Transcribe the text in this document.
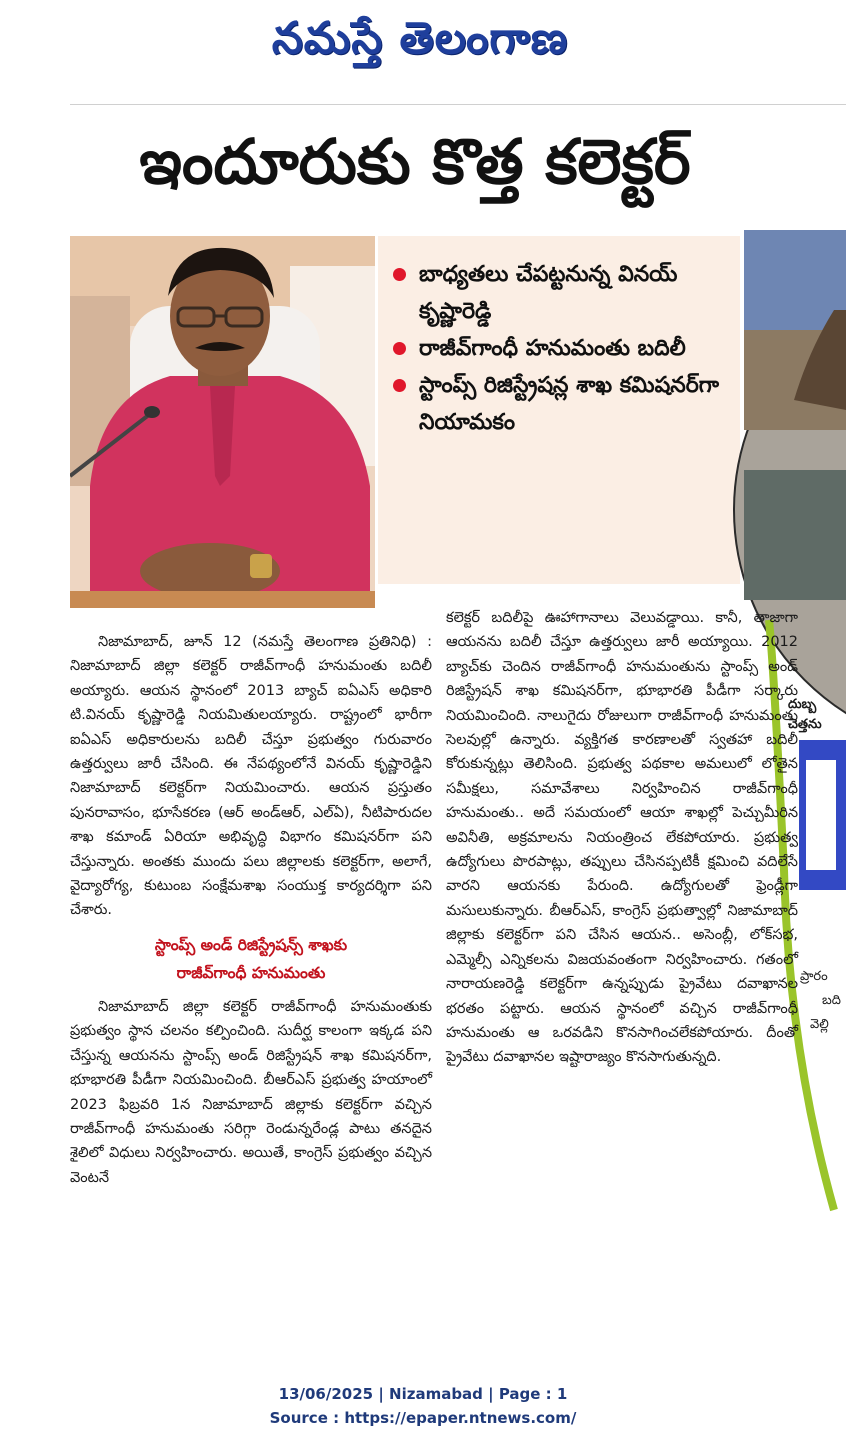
నమస్తే తెలంగాణ
ఇందూరుకు కొత్త కలెక్టర్
బాధ్యతలు చేపట్టనున్న వినయ్ కృష్ణారెడ్డి
రాజీవ్‌గాంధీ హనుమంతు బదిలీ
స్టాంప్స్ రిజిస్ట్రేషన్ల శాఖ కమిషనర్‌గా నియామకం
దుబ్బ
చెత్తను
ప్రారం
బది
వెల్లి

నిజామాబాద్, జూన్ 12 (నమస్తే తెలంగాణ ప్రతినిధి) : నిజామాబాద్ జిల్లా కలెక్టర్ రాజీవ్‌గాంధీ హనుమంతు బదిలీ అయ్యారు. ఆయన స్థానంలో 2013 బ్యాచ్ ఐఏఎస్ అధికారి టి.వినయ్ కృష్ణారెడ్డి నియమితులయ్యారు. రాష్ట్రంలో భారీగా ఐఏఎస్ అధికారులను బదిలీ చేస్తూ ప్రభుత్వం గురువారం ఉత్తర్వులు జారీ చేసింది. ఈ నేపథ్యంలోనే వినయ్ కృష్ణారెడ్డిని నిజామాబాద్ కలెక్టర్‌గా నియమించారు. ఆయన ప్రస్తుతం పునరావాసం, భూసేకరణ (ఆర్ అండ్ఆర్, ఎల్ఏ), నీటిపారుదల శాఖ కమాండ్ ఏరియా అభివృద్ధి విభాగం కమిషనర్‌గా పని చేస్తున్నారు. అంతకు ముందు పలు జిల్లాలకు కలెక్టర్‌గా, అలాగే, వైద్యారోగ్య, కుటుంబ సంక్షేమశాఖ సంయుక్త కార్యదర్శిగా పని చేశారు.

స్టాంప్స్ అండ్ రిజిస్ట్రేషన్స్ శాఖకు
రాజీవ్‌గాంధీ హనుమంతు

నిజామాబాద్ జిల్లా కలెక్టర్ రాజీవ్‌గాంధీ హనుమంతుకు ప్రభుత్వం స్థాన చలనం కల్పించింది. సుదీర్ఘ కాలంగా ఇక్కడ పని చేస్తున్న ఆయనను స్టాంప్స్ అండ్ రిజిస్ట్రేషన్ శాఖ కమిషనర్‌గా, భూభారతి పీడీగా నియమించింది. బీఆర్ఎస్ ప్రభుత్వ హయాంలో 2023 ఫిబ్రవరి 1న నిజామాబాద్ జిల్లాకు కలెక్టర్‌గా వచ్చిన రాజీవ్‌గాంధీ హనుమంతు సరిగ్గా రెండున్నరేండ్ల పాటు తనదైన శైలిలో విధులు నిర్వహించారు. అయితే, కాంగ్రెస్ ప్రభుత్వం వచ్చిన వెంటనే

కలెక్టర్ బదిలీపై ఊహాగానాలు వెలువడ్డాయి. కానీ, తాజాగా ఆయనను బదిలీ చేస్తూ ఉత్తర్వులు జారీ అయ్యాయి. 2012 బ్యాచ్‌కు చెందిన రాజీవ్‌గాంధీ హనుమంతును స్టాంప్స్ అండ్ రిజిస్ట్రేషన్ శాఖ కమిషనర్‌గా, భూభారతి పీడీగా సర్కారు నియమించింది. నాలుగైదు రోజులుగా రాజీవ్‌గాంధీ హనుమంతు సెలవుల్లో ఉన్నారు. వ్యక్తిగత కారణాలతో స్వతహా బదిలీ కోరుకున్నట్లు తెలిసింది. ప్రభుత్వ పథకాల అమలులో లోతైన సమీక్షలు, సమావేశాలు నిర్వహించిన రాజీవ్‌గాంధీ హనుమంతు.. అదే సమయంలో ఆయా శాఖల్లో పెచ్చుమీరిన అవినీతి, అక్రమాలను నియంత్రించ లేకపోయారు. ప్రభుత్వ ఉద్యోగులు పొరపాట్లు, తప్పులు చేసినప్పటికీ క్షమించి వదిలేసే వారని ఆయనకు పేరుంది. ఉద్యోగులతో ఫ్రెండ్లీగా మసులుకున్నారు. బీఆర్ఎస్, కాంగ్రెస్ ప్రభుత్వాల్లో నిజామాబాద్ జిల్లాకు కలెక్టర్‌గా పని చేసిన ఆయన.. అసెంబ్లీ, లోక్‌సభ, ఎమ్మెల్సీ ఎన్నికలను విజయవంతంగా నిర్వహించారు. గతంలో నారాయణరెడ్డి కలెక్టర్‌గా ఉన్నప్పుడు ప్రైవేటు దవాఖానల భరతం పట్టారు. ఆయన స్థానంలో వచ్చిన రాజీవ్‌గాంధీ హనుమంతు ఆ ఒరవడిని కొనసాగించలేకపోయారు. దీంతో ప్రైవేటు దవాఖానల ఇష్టారాజ్యం కొనసాగుతున్నది.

13/06/2025 | Nizamabad | Page : 1
Source : https://epaper.ntnews.com/
